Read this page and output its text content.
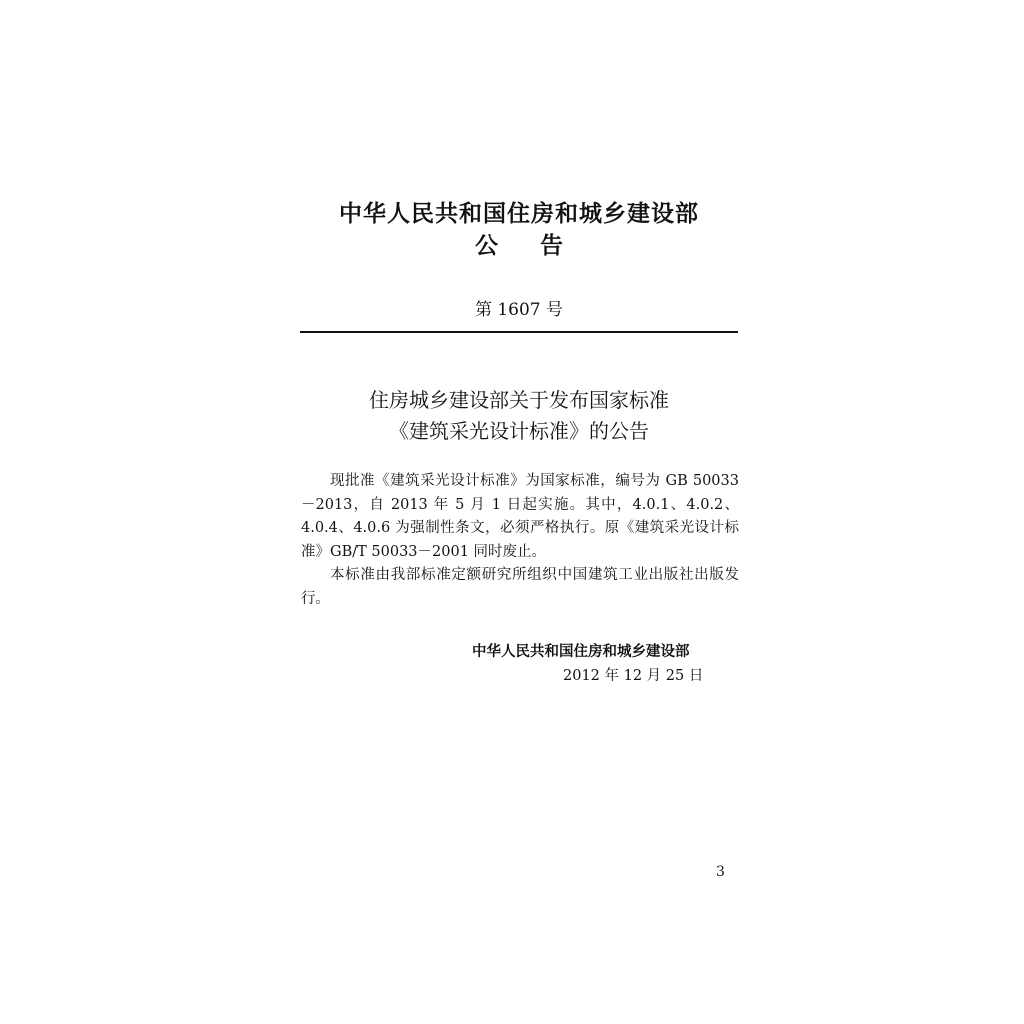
中华人民共和国住房和城乡建设部
公告
第 1607 号
住房城乡建设部关于发布国家标准
《建筑采光设计标准》的公告

现批准《建筑采光设计标准》为国家标准，编号为 GB 50033－2013，自 2013 年 5 月 1 日起实施。其中，4.0.1、4.0.2、4.0.4、4.0.6 为强制性条文，必须严格执行。原《建筑采光设计标准》GB/T 50033－2001 同时废止。

本标准由我部标准定额研究所组织中国建筑工业出版社出版发行。

中华人民共和国住房和城乡建设部
2012 年 12 月 25 日
3
